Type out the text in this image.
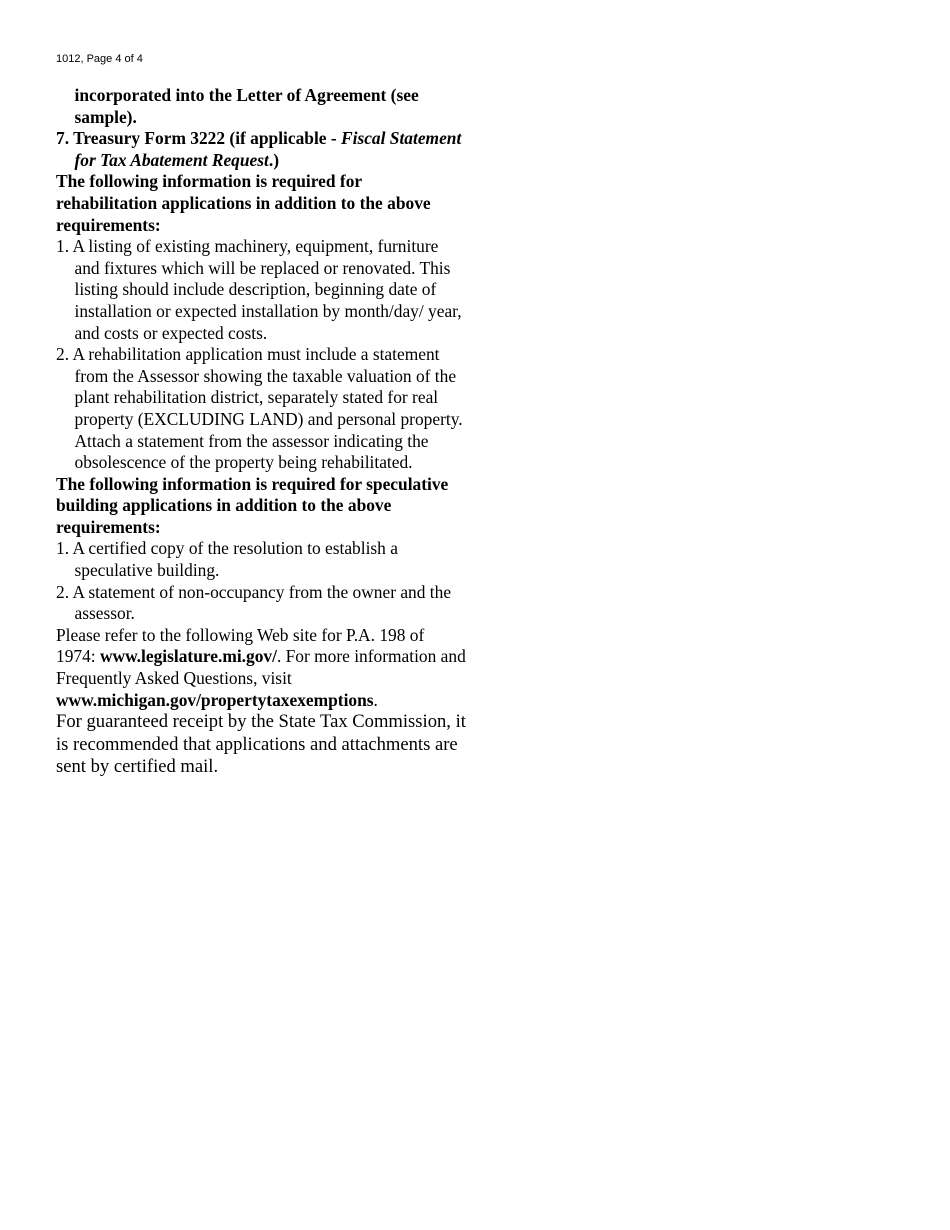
1012, Page 4 of 4

incorporated into the Letter of Agreement (see sample).

7. Treasury Form 3222 (if applicable - Fiscal Statement for Tax Abatement Request.)

The following information is required for rehabilitation applications in addition to the above requirements:

1. A listing of existing machinery, equipment, furniture and fixtures which will be replaced or renovated. This listing should include description, beginning date of installation or expected installation by month/day/ year, and costs or expected costs.

2. A rehabilitation application must include a statement from the Assessor showing the taxable valuation of the plant rehabilitation district, separately stated for real property (EXCLUDING LAND) and personal property. Attach a statement from the assessor indicating the obsolescence of the property being rehabilitated.

The following information is required for speculative building applications in addition to the above requirements:

1. A certified copy of the resolution to establish a speculative building.

2. A statement of non-occupancy from the owner and the assessor.

Please refer to the following Web site for P.A. 198 of 1974: www.legislature.mi.gov/. For more information and Frequently Asked Questions, visit www.michigan.gov/propertytaxexemptions.

For guaranteed receipt by the State Tax Commission, it is recommended that applications and attachments are sent by certified mail.
